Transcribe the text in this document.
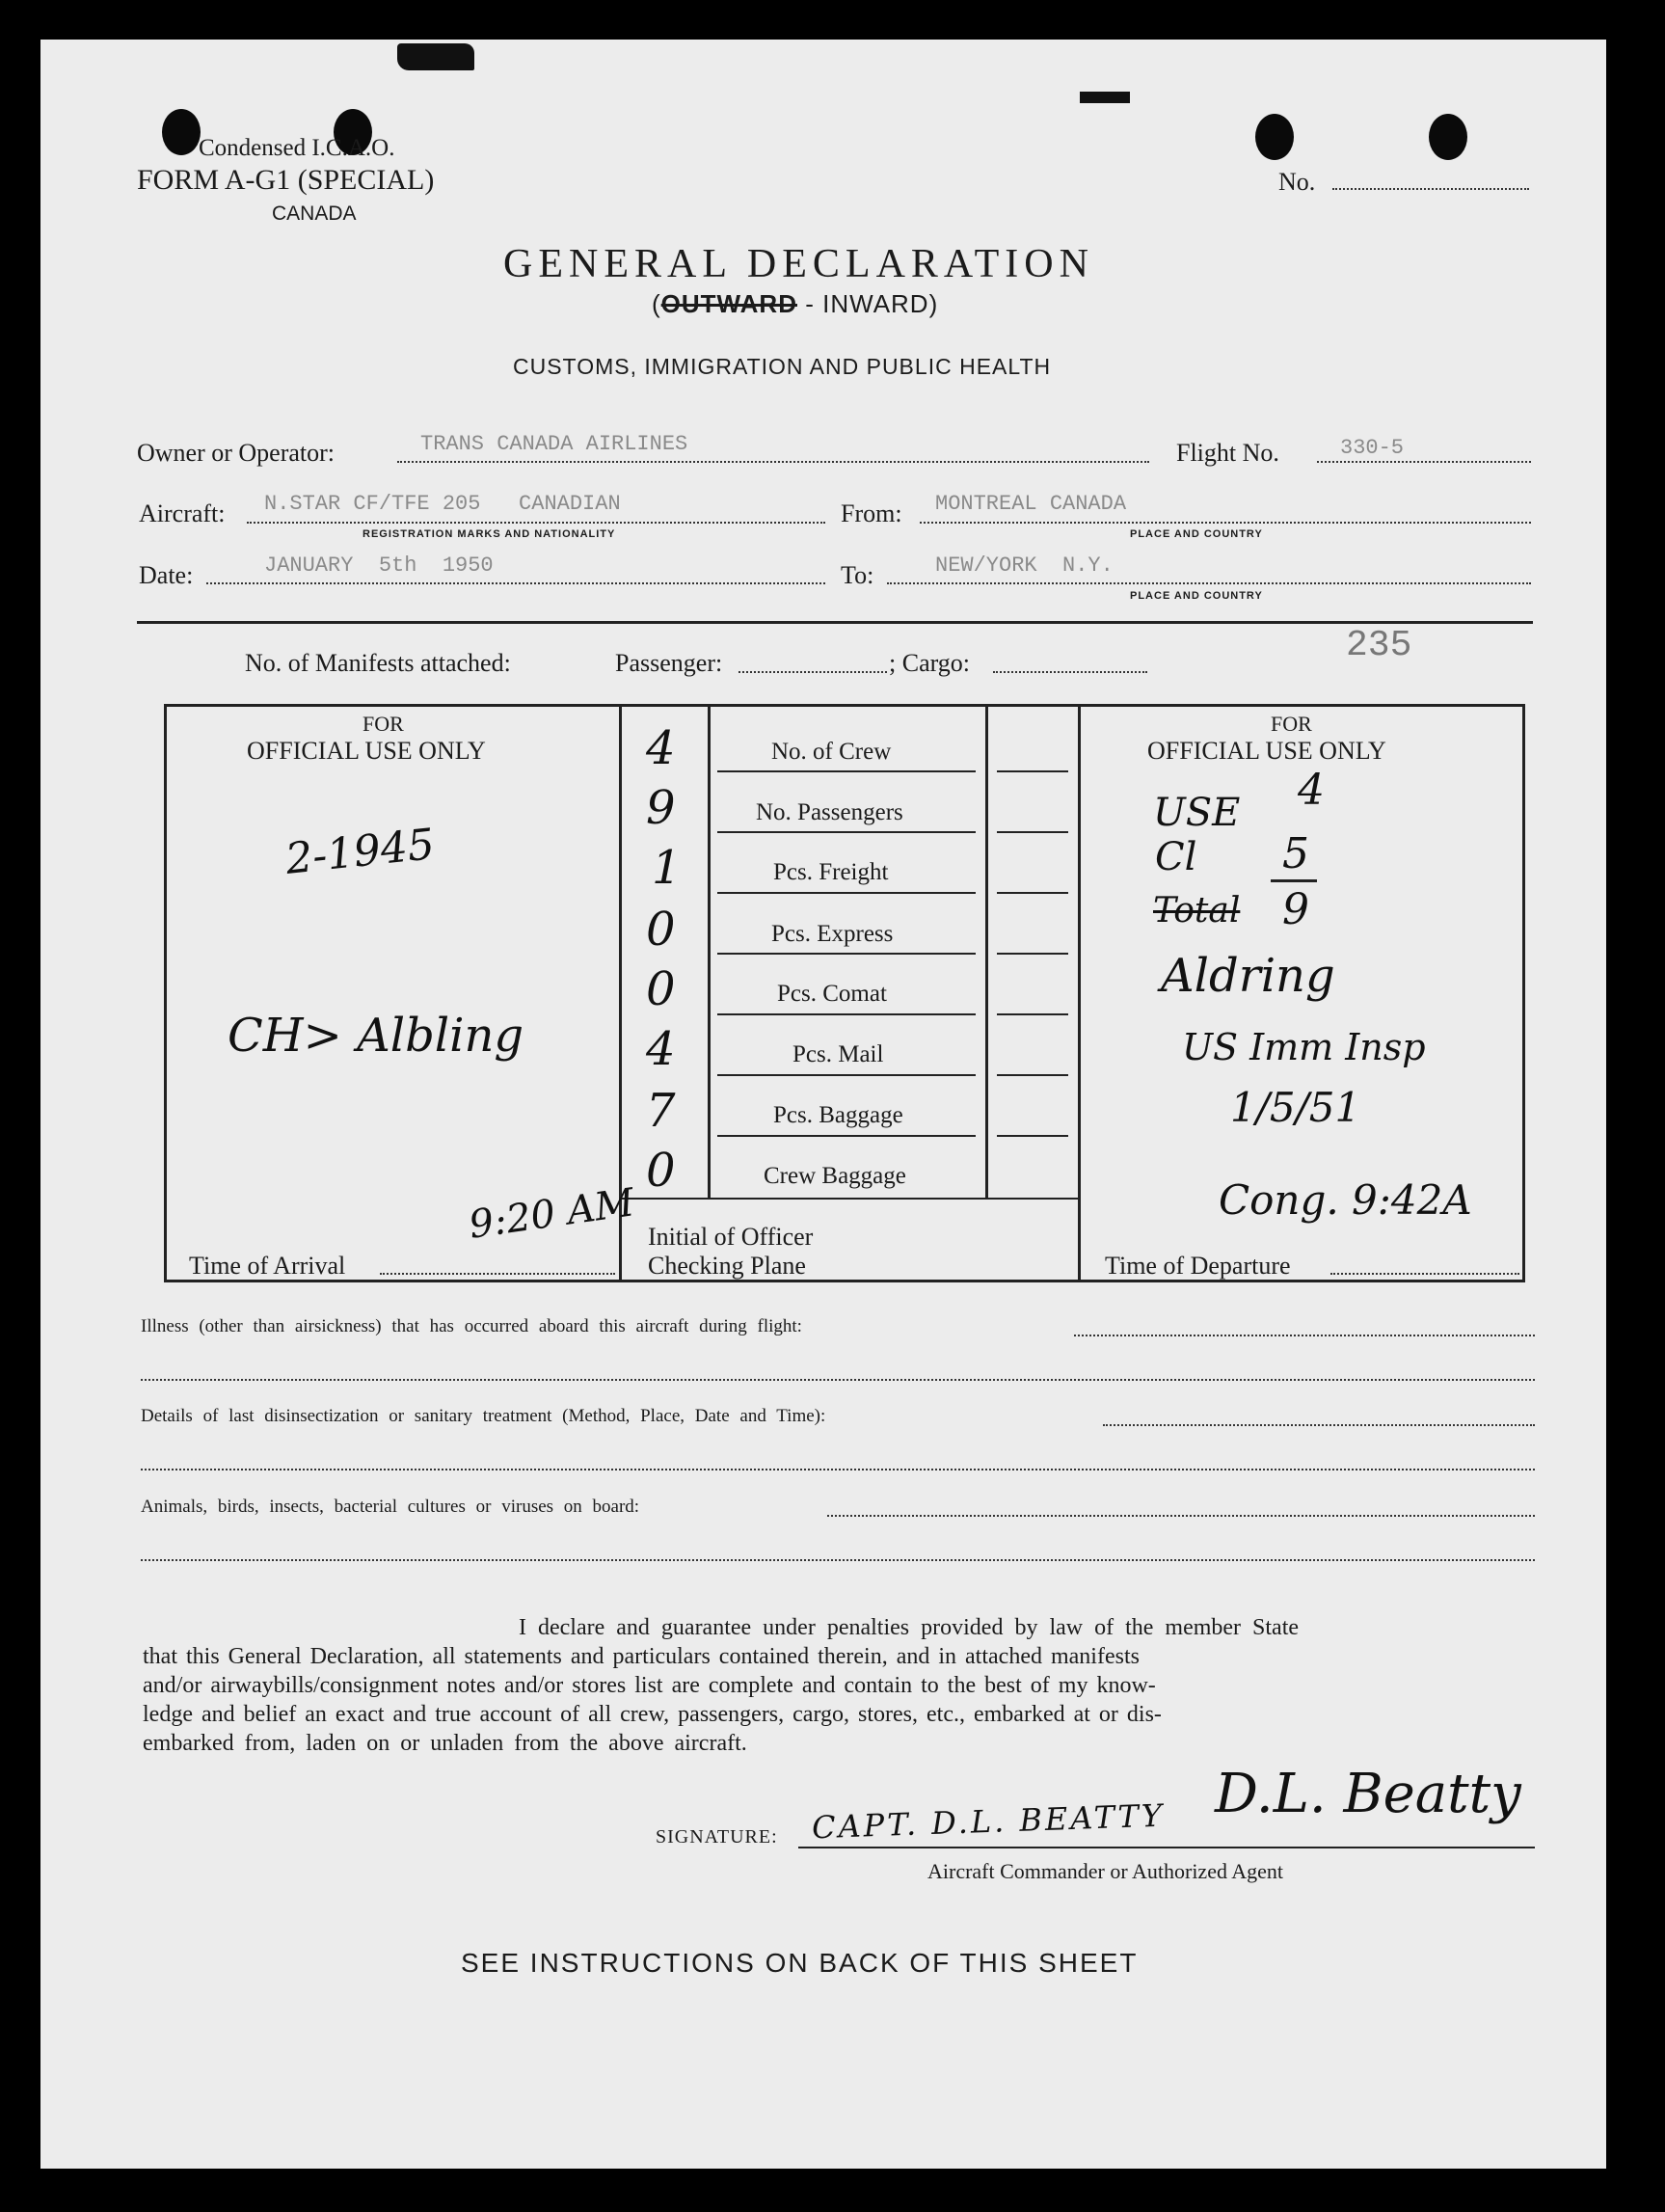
Condensed I.C.A.O.
FORM A-G1 (SPECIAL)
CANADA
No.
GENERAL DECLARATION
(OUTWARD - INWARD)
CUSTOMS, IMMIGRATION AND PUBLIC HEALTH
Owner or Operator:	TRANS CANADA AIRLINES	Flight No.	330-5
Aircraft: N.STAR CF/TFE 205   CANADIAN
REGISTRATION MARKS AND NATIONALITY
From: MONTREAL CANADA
PLACE AND COUNTRY
Date:	JANUARY  5th  1950	To:	NEW/YORK  N.Y.
PLACE AND COUNTRY
No. of Manifests attached:	Passenger:	; Cargo:	235
FOR
OFFICIAL USE ONLY
FOR
OFFICIAL USE ONLY
4	No. of Crew
9	No. Passengers
1	Pcs. Freight
0	Pcs. Express
0	Pcs. Comat
4	Pcs. Mail
7	Pcs. Baggage
0	Crew Baggage
Initial of Officer
Checking Plane
Time of Arrival	Time of Departure
2-1945
CH> Albling
9:20 AM
USE 4
Cl 5
Total 9
Aldring
US Imm Insp
1/5/51
Cong. 9:42A
Illness (other than airsickness) that has occurred aboard this aircraft during flight:
Details of last disinsectization or sanitary treatment (Method, Place, Date and Time):
Animals, birds, insects, bacterial cultures or viruses on board:
I declare and guarantee under penalties provided by law of the member State
that this General Declaration, all statements and particulars contained therein, and in attached manifests
and/or airwaybills/consignment notes and/or stores list are complete and contain to the best of my know-
ledge and belief an exact and true account of all crew, passengers, cargo, stores, etc., embarked at or dis-
embarked from, laden on or unladen from the above aircraft.
SIGNATURE: CAPT. D.L. BEATTY D.L. Beatty
Aircraft Commander or Authorized Agent
SEE INSTRUCTIONS ON BACK OF THIS SHEET
